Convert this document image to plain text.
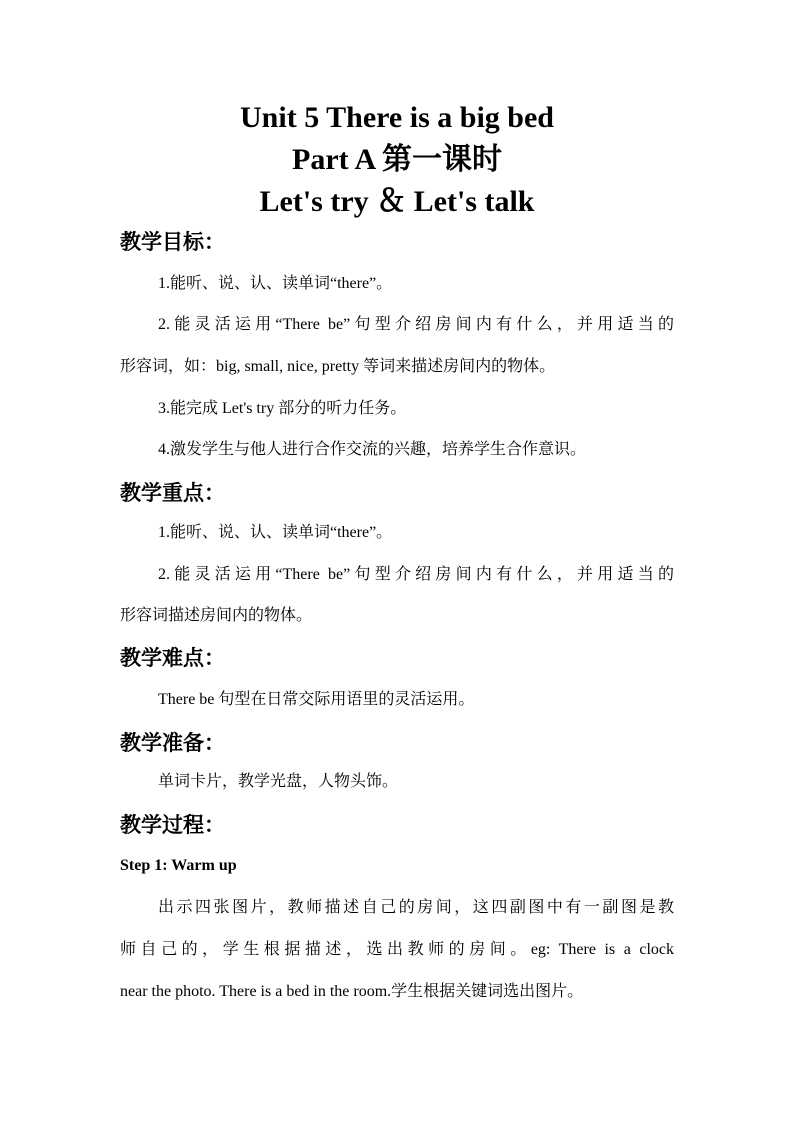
Unit 5 There is a big bed
Part A 第一课时
Let's try ＆ Let's talk
教学目标：
1.能听、说、认、读单词“there”。
2.能灵活运用“There be”句型介绍房间内有什么，并用适当的
形容词，如：big, small, nice, pretty 等词来描述房间内的物体。
3.能完成 Let's try 部分的听力任务。
4.激发学生与他人进行合作交流的兴趣，培养学生合作意识。
教学重点：
1.能听、说、认、读单词“there”。
2.能灵活运用“There be”句型介绍房间内有什么，并用适当的
形容词描述房间内的物体。
教学难点：
There be 句型在日常交际用语里的灵活运用。
教学准备：
单词卡片，教学光盘，人物头饰。
教学过程：
Step 1: Warm up
出示四张图片，教师描述自己的房间，这四副图中有一副图是教
师自己的，学生根据描述，选出教师的房间。eg: There is a clock
near the photo. There is a bed in the room.学生根据关键词选出图片。
